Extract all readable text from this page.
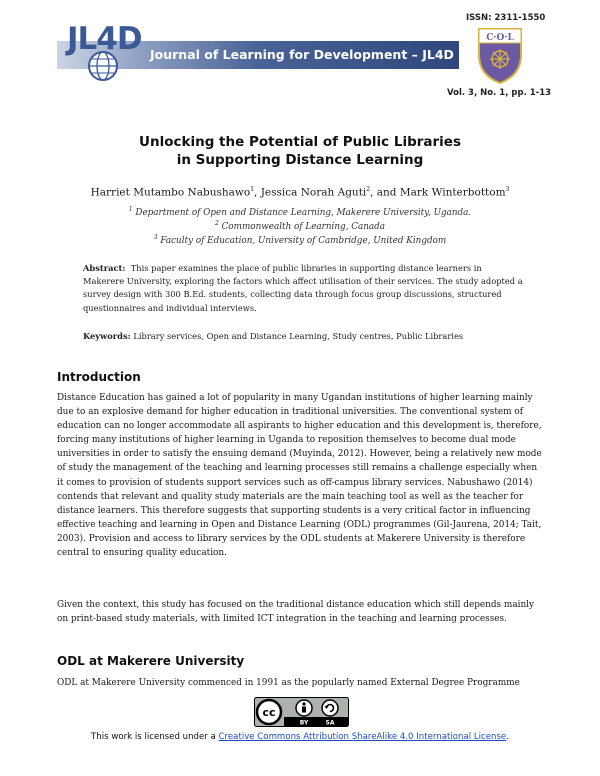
JL4D Journal of Learning for Development – JL4D
ISSN: 2311-1550
C·O·L
Vol. 3, No. 1, pp. 1-13
Unlocking the Potential of Public Libraries
in Supporting Distance Learning
Harriet Mutambo Nabushawo$^1$, Jessica Norah Aguti$^2$, and Mark Winterbottom$^3$
$^1$ Department of Open and Distance Learning, Makerere University, Uganda.
$^2$ Commonwealth of Learning, Canada
$^3$ Faculty of Education, University of Cambridge, United Kingdom
Abstract: This paper examines the place of public libraries in supporting distance learners in Makerere University, exploring the factors which affect utilisation of their services. The study adopted a survey design with 300 B.Ed. students, collecting data through focus group discussions, structured questionnaires and individual interviews.
Keywords: Library services, Open and Distance Learning, Study centres, Public Libraries
Introduction

Distance Education has gained a lot of popularity in many Ugandan institutions of higher learning mainly due to an explosive demand for higher education in traditional universities. The conventional system of education can no longer accommodate all aspirants to higher education and this development is, therefore, forcing many institutions of higher learning in Uganda to reposition themselves to become dual mode universities in order to satisfy the ensuing demand (Muyinda, 2012). However, being a relatively new mode of study the management of the teaching and learning processes still remains a challenge especially when it comes to provision of students support services such as off-campus library services. Nabushawo (2014) contends that relevant and quality study materials are the main teaching tool as well as the teacher for distance learners. This therefore suggests that supporting students is a very critical factor in influencing effective teaching and learning in Open and Distance Learning (ODL) programmes (Gil-Jaurena, 2014; Tait, 2003). Provision and access to library services by the ODL students at Makerere University is therefore central to ensuring quality education.

Given the context, this study has focused on the traditional distance education which still depends mainly on print-based study materials, with limited ICT integration in the teaching and learning processes.

ODL at Makerere University

ODL at Makerere University commenced in 1991 as the popularly named External Degree Programme

cc
BY	SA
This work is licensed under a Creative Commons Attribution ShareAlike 4.0 International License.
